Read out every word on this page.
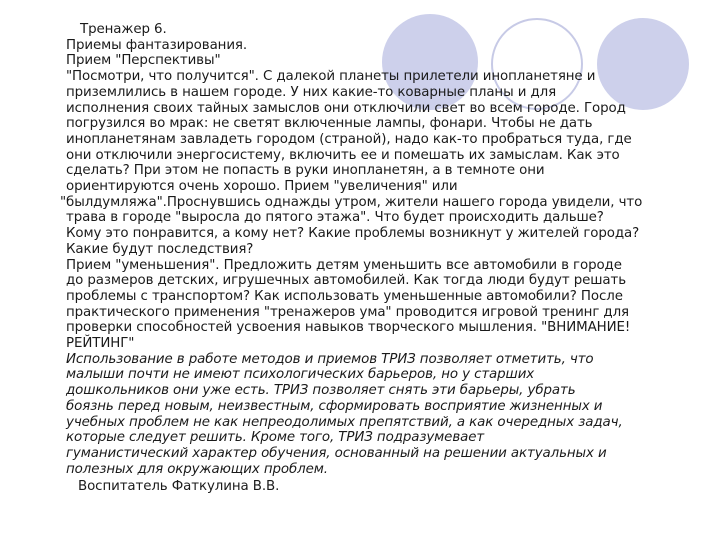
Тренажер 6.
Приемы фантазирования.
Прием "Перспективы"
"Посмотри, что получится". С далекой планеты прилетели инопланетяне и
приземлились в нашем городе. У них какие-то коварные планы и для
исполнения своих тайных замыслов они отключили свет во всем городе. Город
погрузился во мрак: не светят включенные лампы, фонари. Чтобы не дать
инопланетянам завладеть городом (страной), надо как-то пробраться туда, где
они отключили энергосистему, включить ее и помешать их замыслам. Как это
сделать? При этом не попасть в руки инопланетян, а в темноте они
ориентируются очень хорошо. Прием "увеличения" или
"былдумляжа".Проснувшись однажды утром, жители нашего города увидели, что
трава в городе "выросла до пятого этажа". Что будет происходить дальше?
Кому это понравится, а кому нет? Какие проблемы возникнут у жителей города?
Какие будут последствия?
Прием "уменьшения". Предложить детям уменьшить все автомобили в городе
до размеров детских, игрушечных автомобилей. Как тогда люди будут решать
проблемы с транспортом? Как использовать уменьшенные автомобили? После
практического применения "тренажеров ума" проводится игровой тренинг для
проверки способностей усвоения навыков творческого мышления. "ВНИМАНИЕ!
РЕЙТИНГ"
Использование в работе методов и приемов ТРИЗ позволяет отметить, что
малыши почти не имеют психологических барьеров, но у старших
дошкольников они уже есть. ТРИЗ позволяет снять эти барьеры, убрать
боязнь перед новым, неизвестным, сформировать восприятие жизненных и
учебных проблем не как непреодолимых препятствий, а как очередных задач,
которые следует решить. Кроме того, ТРИЗ подразумевает
гуманистический характер обучения, основанный на решении актуальных и
полезных для окружающих проблем.
Воспитатель Фаткулина В.В.
